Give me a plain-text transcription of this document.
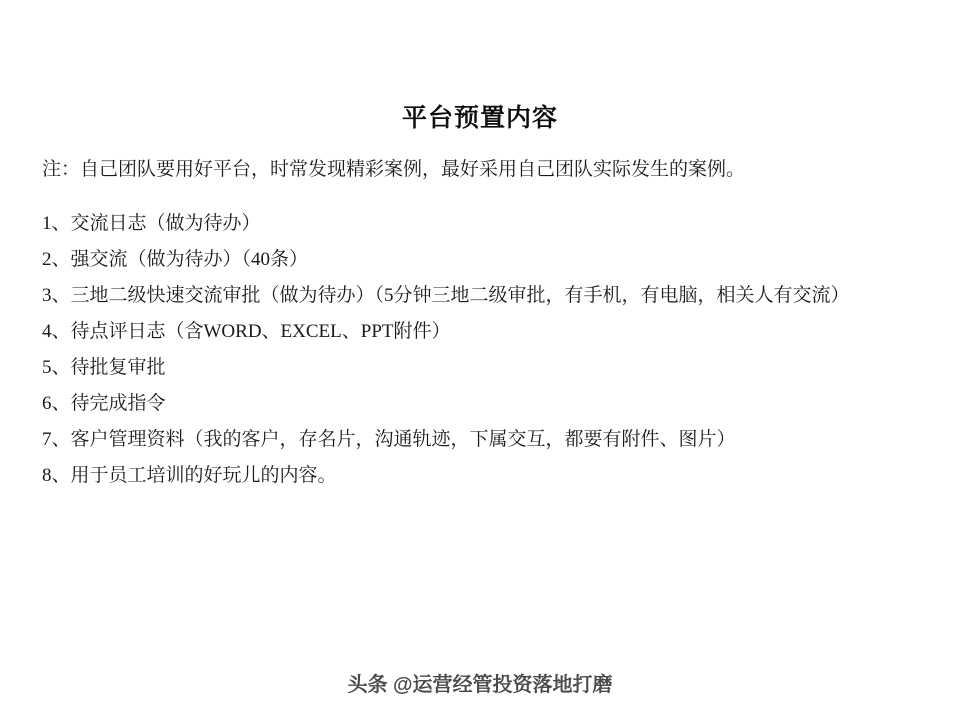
平台预置内容
注：自己团队要用好平台，时常发现精彩案例，最好采用自己团队实际发生的案例。
1、交流日志（做为待办）
2、强交流（做为待办）（40条）
3、三地二级快速交流审批（做为待办）（5分钟三地二级审批，有手机，有电脑，相关人有交流）
4、待点评日志（含WORD、EXCEL、PPT附件）
5、待批复审批
6、待完成指令
7、客户管理资料（我的客户，存名片，沟通轨迹，下属交互，都要有附件、图片）
8、用于员工培训的好玩儿的内容。
头条 @运营经管投资落地打磨
